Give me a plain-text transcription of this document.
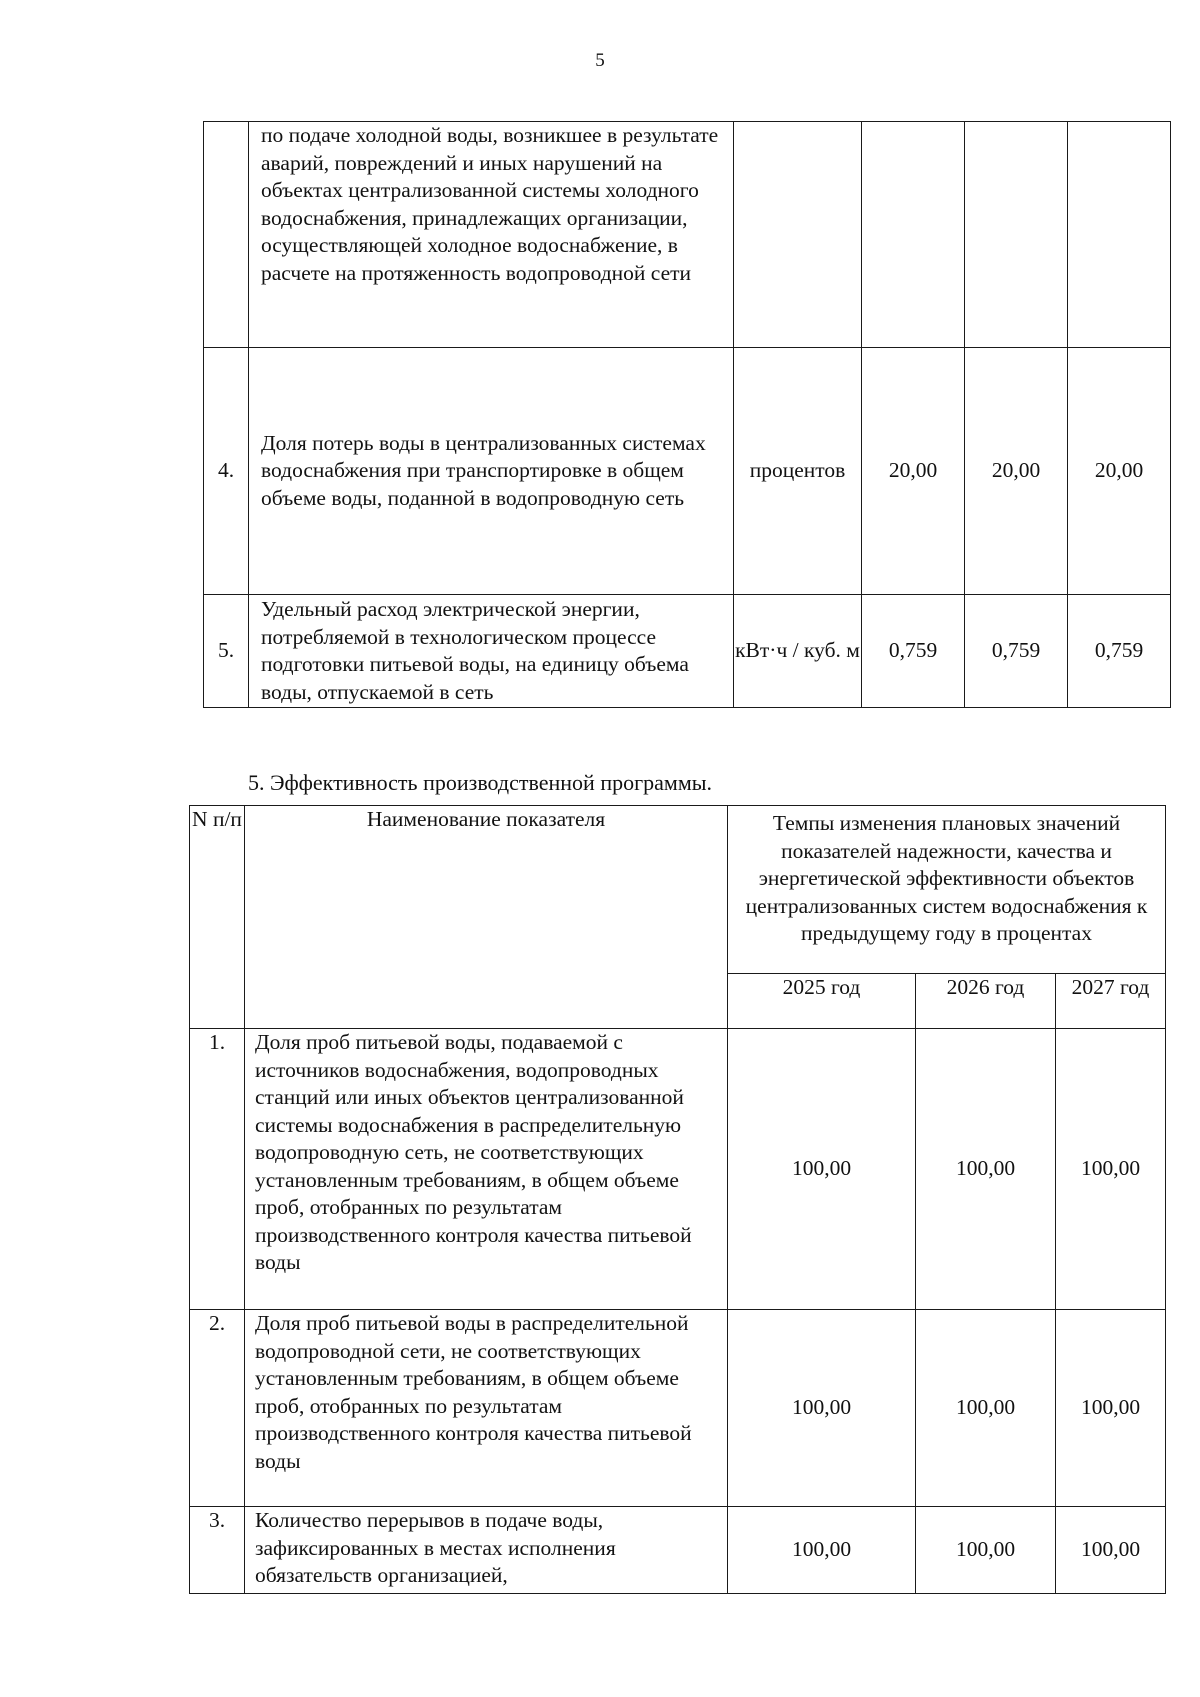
5
	по подаче холодной воды, возникшее в результате аварий, повреждений и иных нарушений на объектах централизованной системы холодного водоснабжения, принадлежащих организации, осуществляющей холодное водоснабжение, в расчете на протяженность водопроводной сети				
4.	Доля потерь воды в централизованных системах водоснабжения при транспортировке в общем объеме воды, поданной в водопроводную сеть	процентов	20,00	20,00	20,00
5.	Удельный расход электрической энергии, потребляемой в технологическом процессе подготовки питьевой воды, на единицу объема воды, отпускаемой в сеть	кВт·ч / куб. м	0,759	0,759	0,759
5. Эффективность производственной программы.
N п/п	Наименование показателя	Темпы изменения плановых значений показателей надежности, качества и энергетической эффективности объектов централизованных систем водоснабжения к предыдущему году в процентах		
		2025 год	2026 год	2027 год
1.	Доля проб питьевой воды, подаваемой с источников водоснабжения, водопроводных станций или иных объектов централизованной системы водоснабжения в распределительную водопроводную сеть, не соответствующих установленным требованиям, в общем объеме проб, отобранных по результатам производственного контроля качества питьевой воды	100,00	100,00	100,00
2.	Доля проб питьевой воды в распределительной водопроводной сети, не соответствующих установленным требованиям, в общем объеме проб, отобранных по результатам производственного контроля качества питьевой воды	100,00	100,00	100,00
3.	Количество перерывов в подаче воды, зафиксированных в местах исполнения обязательств организацией,	100,00	100,00	100,00
